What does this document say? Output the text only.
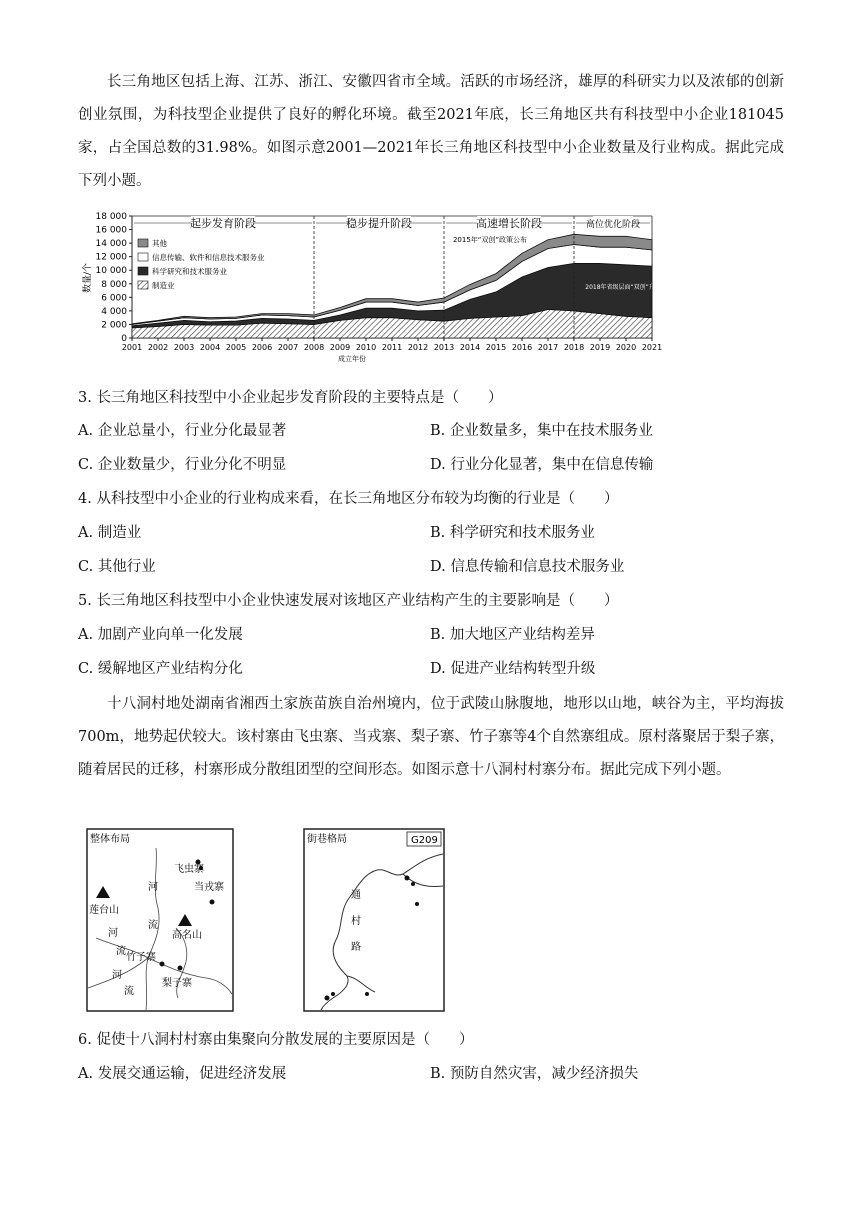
长三角地区包括上海、江苏、浙江、安徽四省市全域。活跃的市场经济，雄厚的科研实力以及浓郁的创新创业氛围，为科技型企业提供了良好的孵化环境。截至2021年底，长三角地区共有科技型中小企业181045家，占全国总数的31.98%。如图示意2001—2021年长三角地区科技型中小企业数量及行业构成。据此完成下列小题。

18 000
16 000
14 000
12 000
10 000
8 000
6 000
4 000
2 000
0
数量/个
2001 2002 2003 2004 2005 2006 2007 2008 2009 2010 2011 2012 2013 2014 2015 2016 2017 2018 2019 2020 2021
成立年份
起步发育阶段	稳步提升阶段	高速增长阶段	高位优化阶段
2015年“双创”政策公布
2018年省级层面“双创”升级版
其他
信息传输、软件和信息技术服务业
科学研究和技术服务业
制造业

3. 长三角地区科技型中小企业起步发育阶段的主要特点是（　　）

A. 企业总量小，行业分化最显著	B. 企业数量多，集中在技术服务业

C. 企业数量少，行业分化不明显	D. 行业分化显著，集中在信息传输

4. 从科技型中小企业的行业构成来看，在长三角地区分布较为均衡的行业是（　　）

A. 制造业	B. 科学研究和技术服务业

C. 其他行业	D. 信息传输和信息技术服务业

5. 长三角地区科技型中小企业快速发展对该地区产业结构产生的主要影响是（　　）

A. 加剧产业向单一化发展	B. 加大地区产业结构差异

C. 缓解地区产业结构分化	D. 促进产业结构转型升级

十八洞村地处湖南省湘西土家族苗族自治州境内，位于武陵山脉腹地，地形以山地，峡谷为主，平均海拔700m，地势起伏较大。该村寨由飞虫寨、当戎寨、梨子寨、竹子寨等4个自然寨组成。原村落聚居于梨子寨，随着居民的迁移，村寨形成分散组团型的空间形态。如图示意十八洞村村寨分布。据此完成下列小题。

整体布局
飞虫寨
当戎寨
莲台山
高名山
竹子寨
梨子寨
河
流
河
流
河
流
街巷格局	G209
通
村
路

6. 促使十八洞村村寨由集聚向分散发展的主要原因是（　　）

A. 发展交通运输，促进经济发展	B. 预防自然灾害，减少经济损失
